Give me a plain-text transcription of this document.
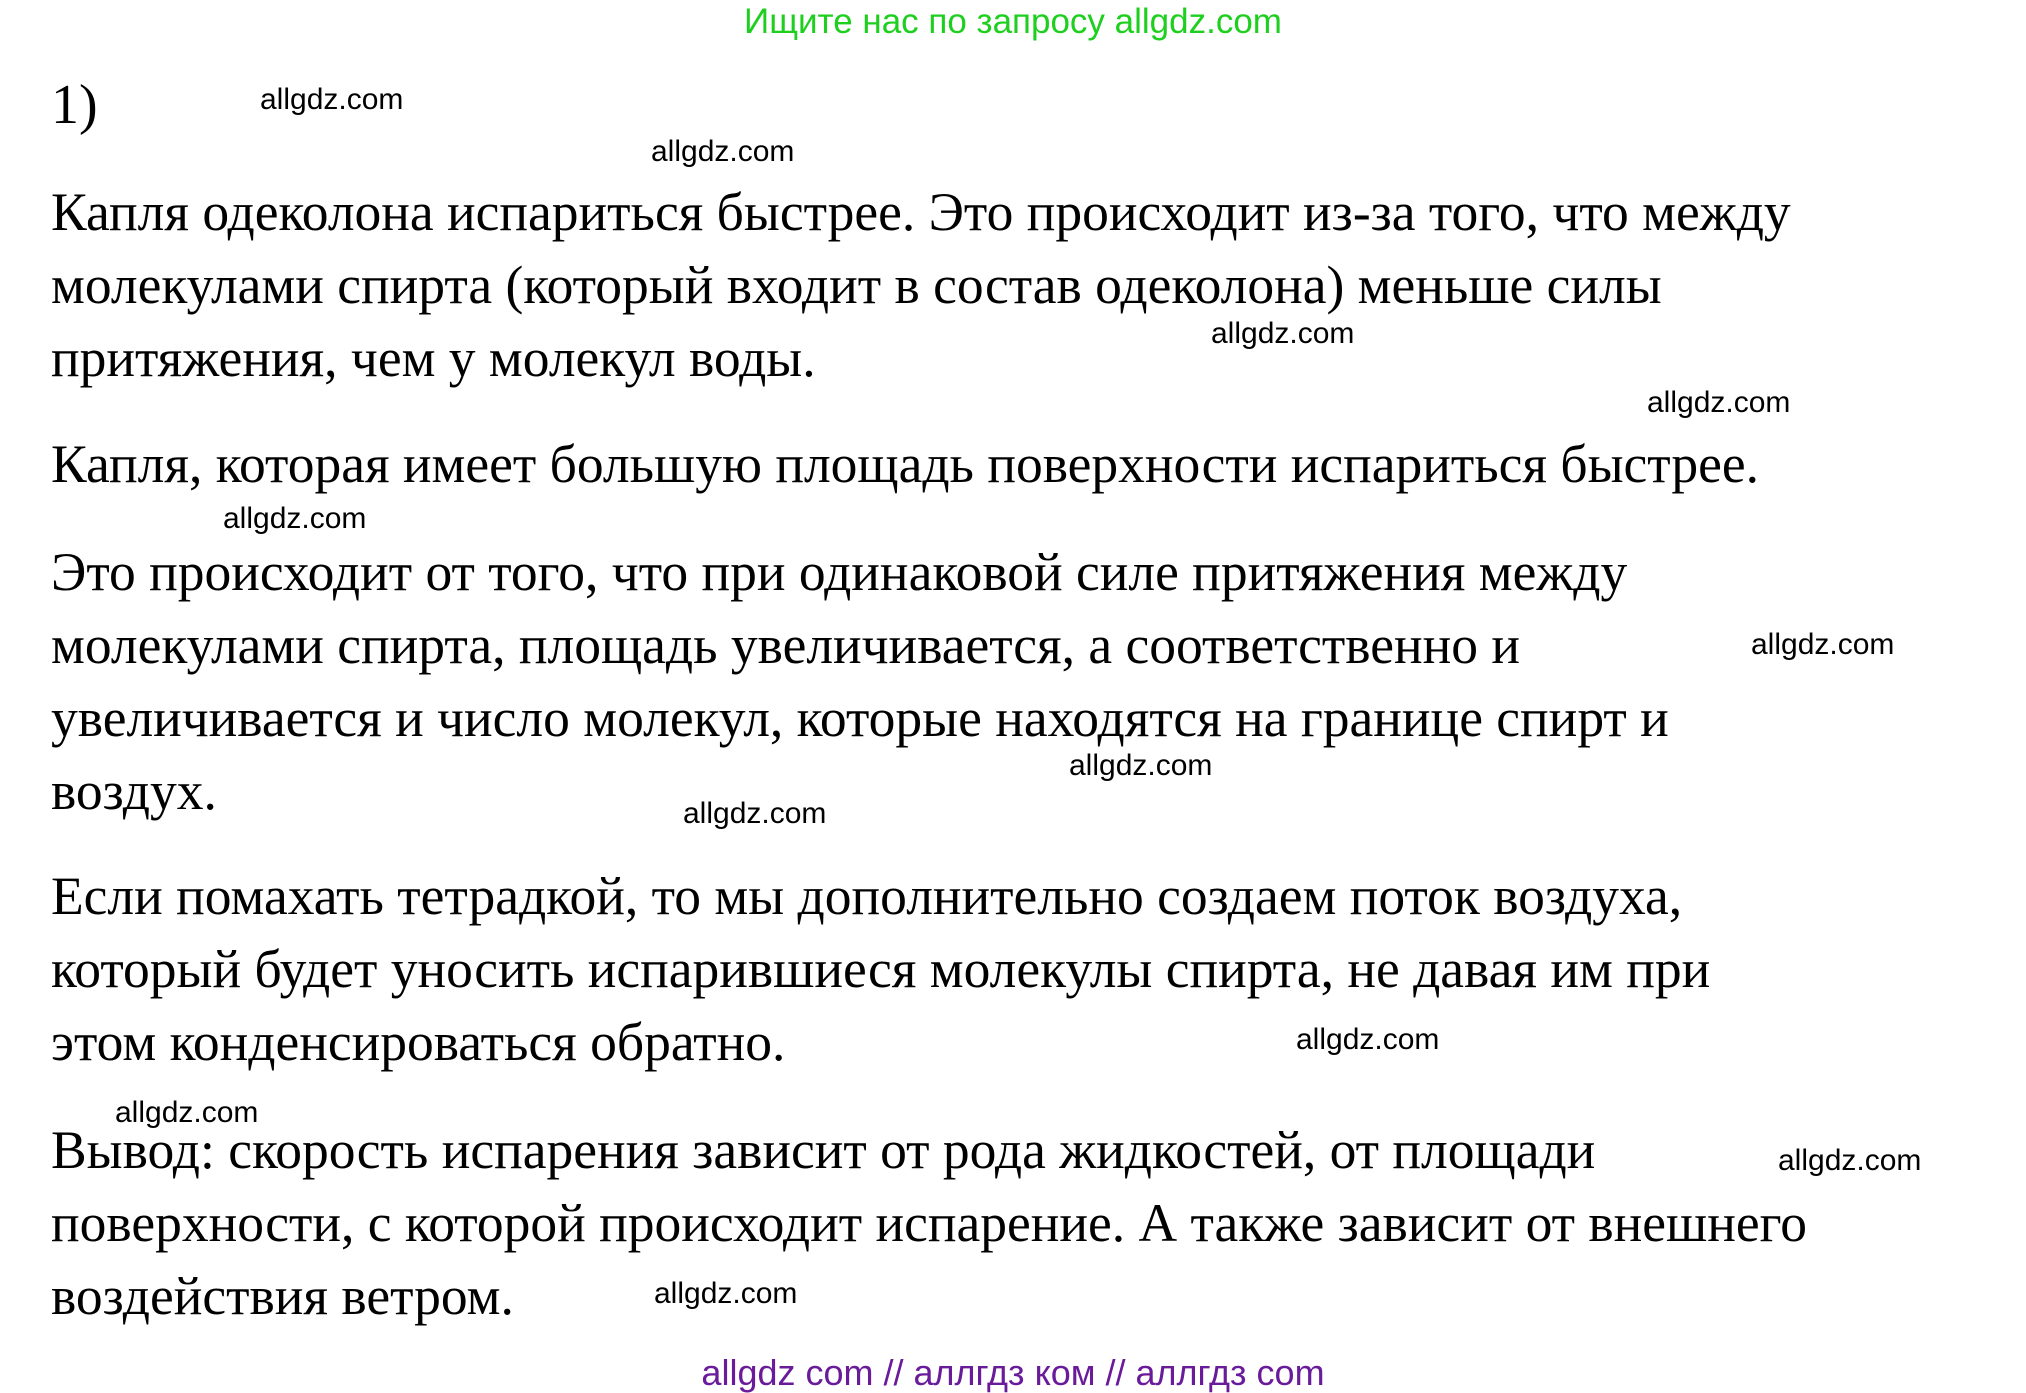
Ищите нас по запросу allgdz.com
1)
Капля одеколона испариться быстрее. Это происходит из-за того, что между
молекулами спирта (который входит в состав одеколона) меньше силы
притяжения, чем у молекул воды.
Капля, которая имеет большую площадь поверхности испариться быстрее.
Это происходит от того, что при одинаковой силе притяжения между
молекулами спирта, площадь увеличивается, а соответственно и
увеличивается и число молекул, которые находятся на границе спирт и
воздух.
Если помахать тетрадкой, то мы дополнительно создаем поток воздуха,
который будет уносить испарившиеся молекулы спирта, не давая им при
этом конденсироваться обратно.
Вывод: скорость испарения зависит от рода жидкостей, от площади
поверхности, с которой происходит испарение. А также зависит от внешнего
воздействия ветром.
allgdz.com
allgdz.com
allgdz.com
allgdz.com
allgdz.com
allgdz.com
allgdz.com
allgdz.com
allgdz.com
allgdz.com
allgdz.com
allgdz.com
allgdz com // аллгдз ком // аллгдз com
